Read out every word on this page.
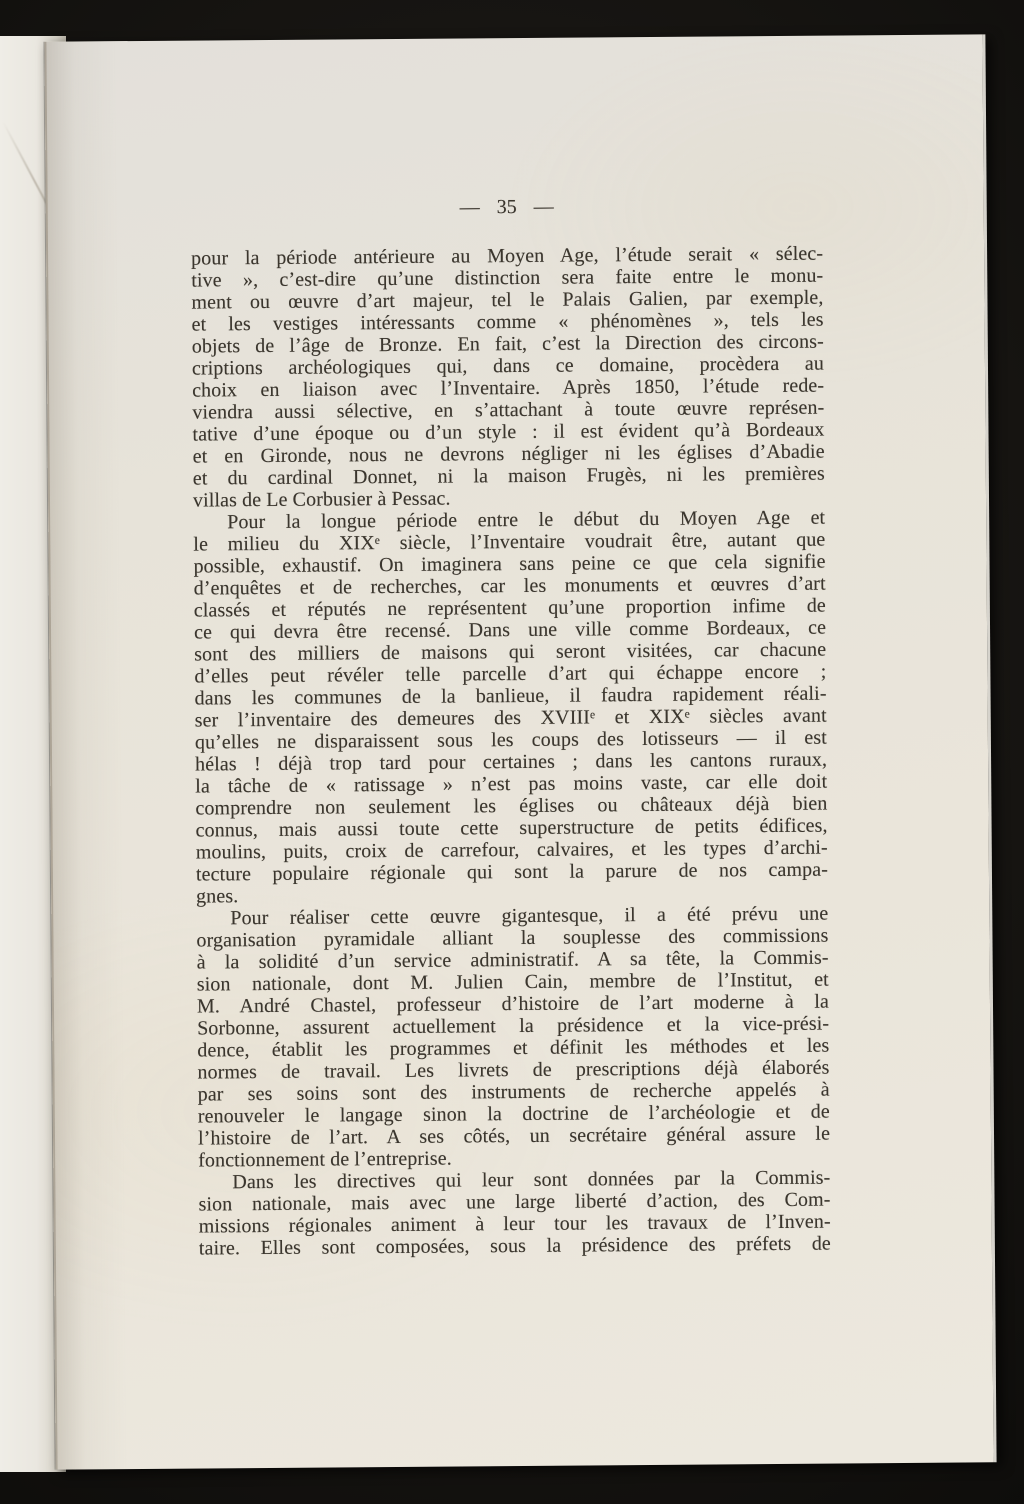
— 35 —
pour la période antérieure au Moyen Age, l’étude serait « sélec-
tive », c’est-dire qu’une distinction sera faite entre le monu-
ment ou œuvre d’art majeur, tel le Palais Galien, par exemple,
et les vestiges intéressants comme « phénomènes », tels les
objets de l’âge de Bronze. En fait, c’est la Direction des circons-
criptions archéologiques qui, dans ce domaine, procèdera au
choix en liaison avec l’Inventaire. Après 1850, l’étude rede-
viendra aussi sélective, en s’attachant à toute œuvre représen-
tative d’une époque ou d’un style : il est évident qu’à Bordeaux
et en Gironde, nous ne devrons négliger ni les églises d’Abadie
et du cardinal Donnet, ni la maison Frugès, ni les premières
villas de Le Corbusier à Pessac.
Pour la longue période entre le début du Moyen Age et
le milieu du XIXe siècle, l’Inventaire voudrait être, autant que
possible, exhaustif. On imaginera sans peine ce que cela signifie
d’enquêtes et de recherches, car les monuments et œuvres d’art
classés et réputés ne représentent qu’une proportion infime de
ce qui devra être recensé. Dans une ville comme Bordeaux, ce
sont des milliers de maisons qui seront visitées, car chacune
d’elles peut révéler telle parcelle d’art qui échappe encore ;
dans les communes de la banlieue, il faudra rapidement réali-
ser l’inventaire des demeures des XVIIIe et XIXe siècles avant
qu’elles ne disparaissent sous les coups des lotisseurs — il est
hélas ! déjà trop tard pour certaines ; dans les cantons ruraux,
la tâche de « ratissage » n’est pas moins vaste, car elle doit
comprendre non seulement les églises ou châteaux déjà bien
connus, mais aussi toute cette superstructure de petits édifices,
moulins, puits, croix de carrefour, calvaires, et les types d’archi-
tecture populaire régionale qui sont la parure de nos campa-
gnes.
Pour réaliser cette œuvre gigantesque, il a été prévu une
organisation pyramidale alliant la souplesse des commissions
à la solidité d’un service administratif. A sa tête, la Commis-
sion nationale, dont M. Julien Cain, membre de l’Institut, et
M. André Chastel, professeur d’histoire de l’art moderne à la
Sorbonne, assurent actuellement la présidence et la vice-prési-
dence, établit les programmes et définit les méthodes et les
normes de travail. Les livrets de prescriptions déjà élaborés
par ses soins sont des instruments de recherche appelés à
renouveler le langage sinon la doctrine de l’archéologie et de
l’histoire de l’art. A ses côtés, un secrétaire général assure le
fonctionnement de l’entreprise.
Dans les directives qui leur sont données par la Commis-
sion nationale, mais avec une large liberté d’action, des Com-
missions régionales animent à leur tour les travaux de l’Inven-
taire. Elles sont composées, sous la présidence des préfets de
